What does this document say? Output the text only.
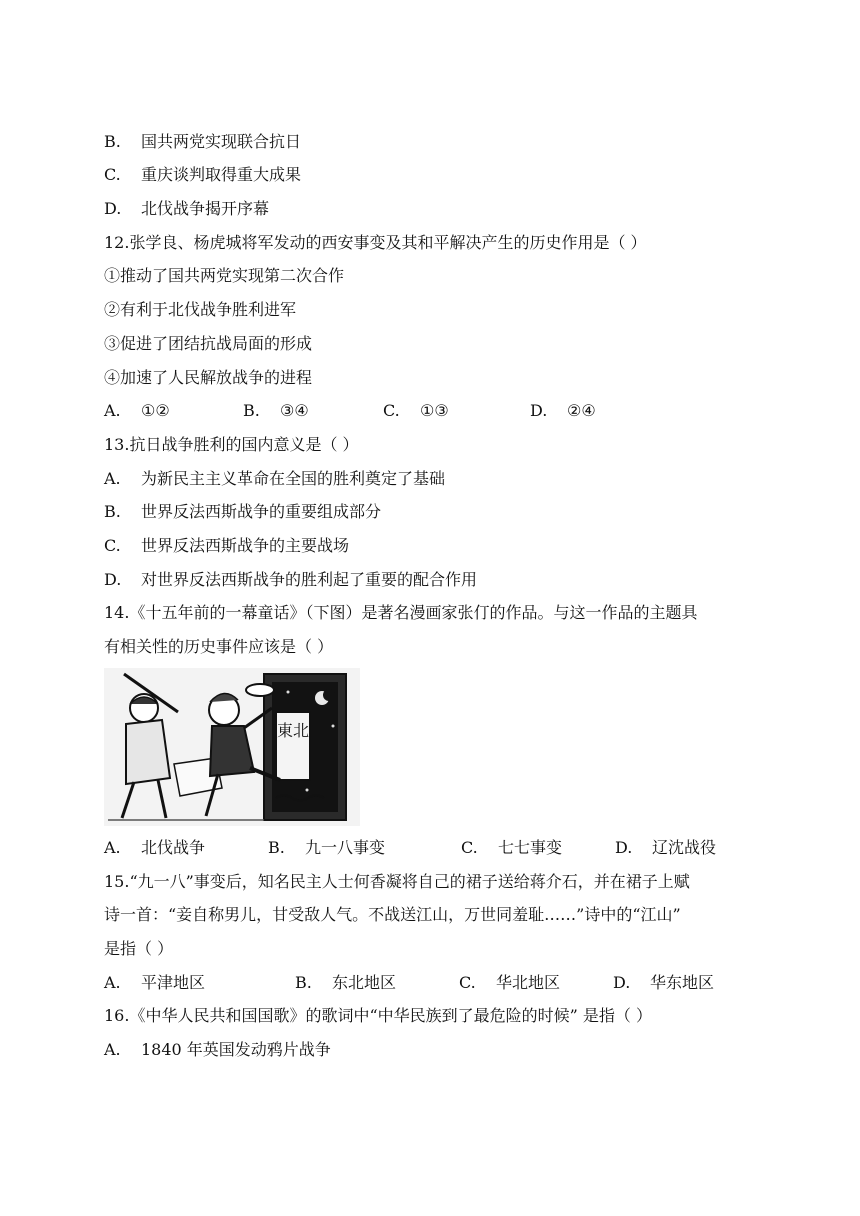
B. 国共两党实现联合抗日
C. 重庆谈判取得重大成果
D. 北伐战争揭开序幕
12.张学良、杨虎城将军发动的西安事变及其和平解决产生的历史作用是（ ）
①推动了国共两党实现第二次合作
②有利于北伐战争胜利进军
③促进了团结抗战局面的形成
④加速了人民解放战争的进程
A. ①②	B. ③④	C. ①③	D. ②④
13.抗日战争胜利的国内意义是（ ）
A. 为新民主主义革命在全国的胜利奠定了基础
B. 世界反法西斯战争的重要组成部分
C. 世界反法西斯战争的主要战场
D. 对世界反法西斯战争的胜利起了重要的配合作用
14.《十五年前的一幕童话》（下图）是著名漫画家张仃的作品。与这一作品的主题具
有相关性的历史事件应该是（ ）
東北
A. 北伐战争	B. 九一八事变	C. 七七事变	D. 辽沈战役
15.“九一八”事变后，知名民主人士何香凝将自己的裙子送给蒋介石，并在裙子上赋
诗一首：“妾自称男儿，甘受敌人气。不战送江山，万世同羞耻……”诗中的“江山”
是指（ ）
A. 平津地区	B. 东北地区	C. 华北地区	D. 华东地区
16.《中华人民共和国国歌》的歌词中“中华民族到了最危险的时候” 是指（ ）
A. 1840 年英国发动鸦片战争
